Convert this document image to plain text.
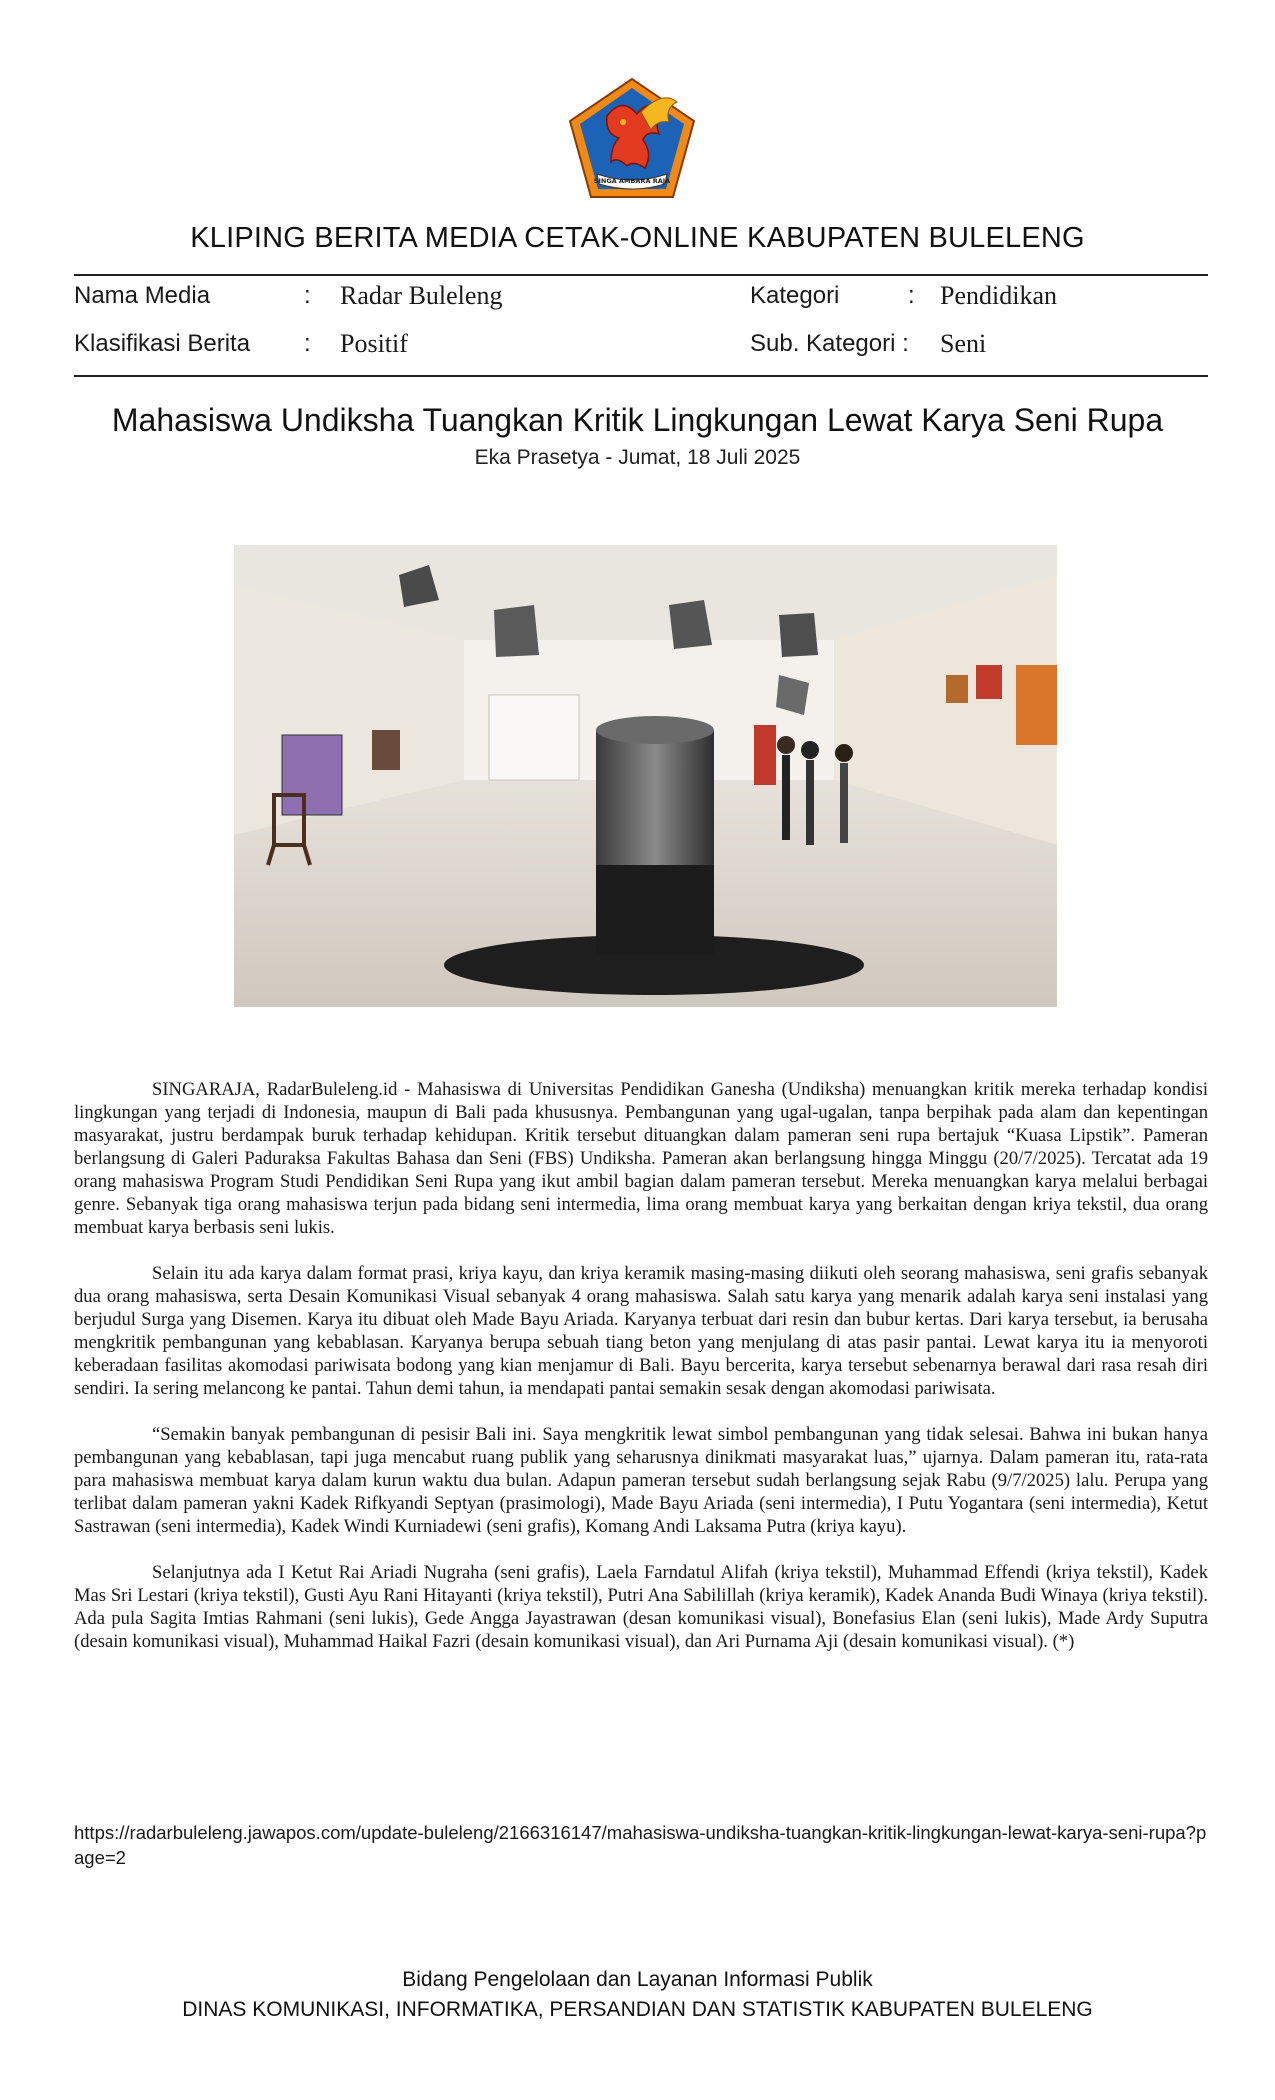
SINGA AMBARA RAJA
KLIPING BERITA MEDIA CETAK-ONLINE KABUPATEN BULELENG
Nama Media	: Radar Buleleng	Kategori	: Pendidikan
Klasifikasi Berita : Positif	Sub. Kategori : Seni
Mahasiswa Undiksha Tuangkan Kritik Lingkungan Lewat Karya Seni Rupa
Eka Prasetya - Jumat, 18 Juli 2025

SINGARAJA, RadarBuleleng.id - Mahasiswa di Universitas Pendidikan Ganesha (Undiksha) menuangkan kritik mereka terhadap kondisi lingkungan yang terjadi di Indonesia, maupun di Bali pada khususnya. Pembangunan yang ugal-ugalan, tanpa berpihak pada alam dan kepentingan masyarakat, justru berdampak buruk terhadap kehidupan. Kritik tersebut dituangkan dalam pameran seni rupa bertajuk “Kuasa Lipstik”. Pameran berlangsung di Galeri Paduraksa Fakultas Bahasa dan Seni (FBS) Undiksha. Pameran akan berlangsung hingga Minggu (20/7/2025). Tercatat ada 19 orang mahasiswa Program Studi Pendidikan Seni Rupa yang ikut ambil bagian dalam pameran tersebut. Mereka menuangkan karya melalui berbagai genre. Sebanyak tiga orang mahasiswa terjun pada bidang seni intermedia, lima orang membuat karya yang berkaitan dengan kriya tekstil, dua orang membuat karya berbasis seni lukis.

Selain itu ada karya dalam format prasi, kriya kayu, dan kriya keramik masing-masing diikuti oleh seorang mahasiswa, seni grafis sebanyak dua orang mahasiswa, serta Desain Komunikasi Visual sebanyak 4 orang mahasiswa. Salah satu karya yang menarik adalah karya seni instalasi yang berjudul Surga yang Disemen. Karya itu dibuat oleh Made Bayu Ariada. Karyanya terbuat dari resin dan bubur kertas. Dari karya tersebut, ia berusaha mengkritik pembangunan yang kebablasan. Karyanya berupa sebuah tiang beton yang menjulang di atas pasir pantai. Lewat karya itu ia menyoroti keberadaan fasilitas akomodasi pariwisata bodong yang kian menjamur di Bali. Bayu bercerita, karya tersebut sebenarnya berawal dari rasa resah diri sendiri. Ia sering melancong ke pantai. Tahun demi tahun, ia mendapati pantai semakin sesak dengan akomodasi pariwisata.

“Semakin banyak pembangunan di pesisir Bali ini. Saya mengkritik lewat simbol pembangunan yang tidak selesai. Bahwa ini bukan hanya pembangunan yang kebablasan, tapi juga mencabut ruang publik yang seharusnya dinikmati masyarakat luas,” ujarnya. Dalam pameran itu, rata-rata para mahasiswa membuat karya dalam kurun waktu dua bulan. Adapun pameran tersebut sudah berlangsung sejak Rabu (9/7/2025) lalu. Perupa yang terlibat dalam pameran yakni Kadek Rifkyandi Septyan (prasimologi), Made Bayu Ariada (seni intermedia), I Putu Yogantara (seni intermedia), Ketut Sastrawan (seni intermedia), Kadek Windi Kurniadewi (seni grafis), Komang Andi Laksama Putra (kriya kayu).

Selanjutnya ada I Ketut Rai Ariadi Nugraha (seni grafis), Laela Farndatul Alifah (kriya tekstil), Muhammad Effendi (kriya tekstil), Kadek Mas Sri Lestari (kriya tekstil), Gusti Ayu Rani Hitayanti (kriya tekstil), Putri Ana Sabilillah (kriya keramik), Kadek Ananda Budi Winaya (kriya tekstil). Ada pula Sagita Imtias Rahmani (seni lukis), Gede Angga Jayastrawan (desan komunikasi visual), Bonefasius Elan (seni lukis), Made Ardy Suputra (desain komunikasi visual), Muhammad Haikal Fazri (desain komunikasi visual), dan Ari Purnama Aji (desain komunikasi visual). (*)

https://radarbuleleng.jawapos.com/update-buleleng/2166316147/mahasiswa-undiksha-tuangkan-kritik-lingkungan-lewat-karya-seni-rupa?page=2
Bidang Pengelolaan dan Layanan Informasi Publik
DINAS KOMUNIKASI, INFORMATIKA, PERSANDIAN DAN STATISTIK KABUPATEN BULELENG
